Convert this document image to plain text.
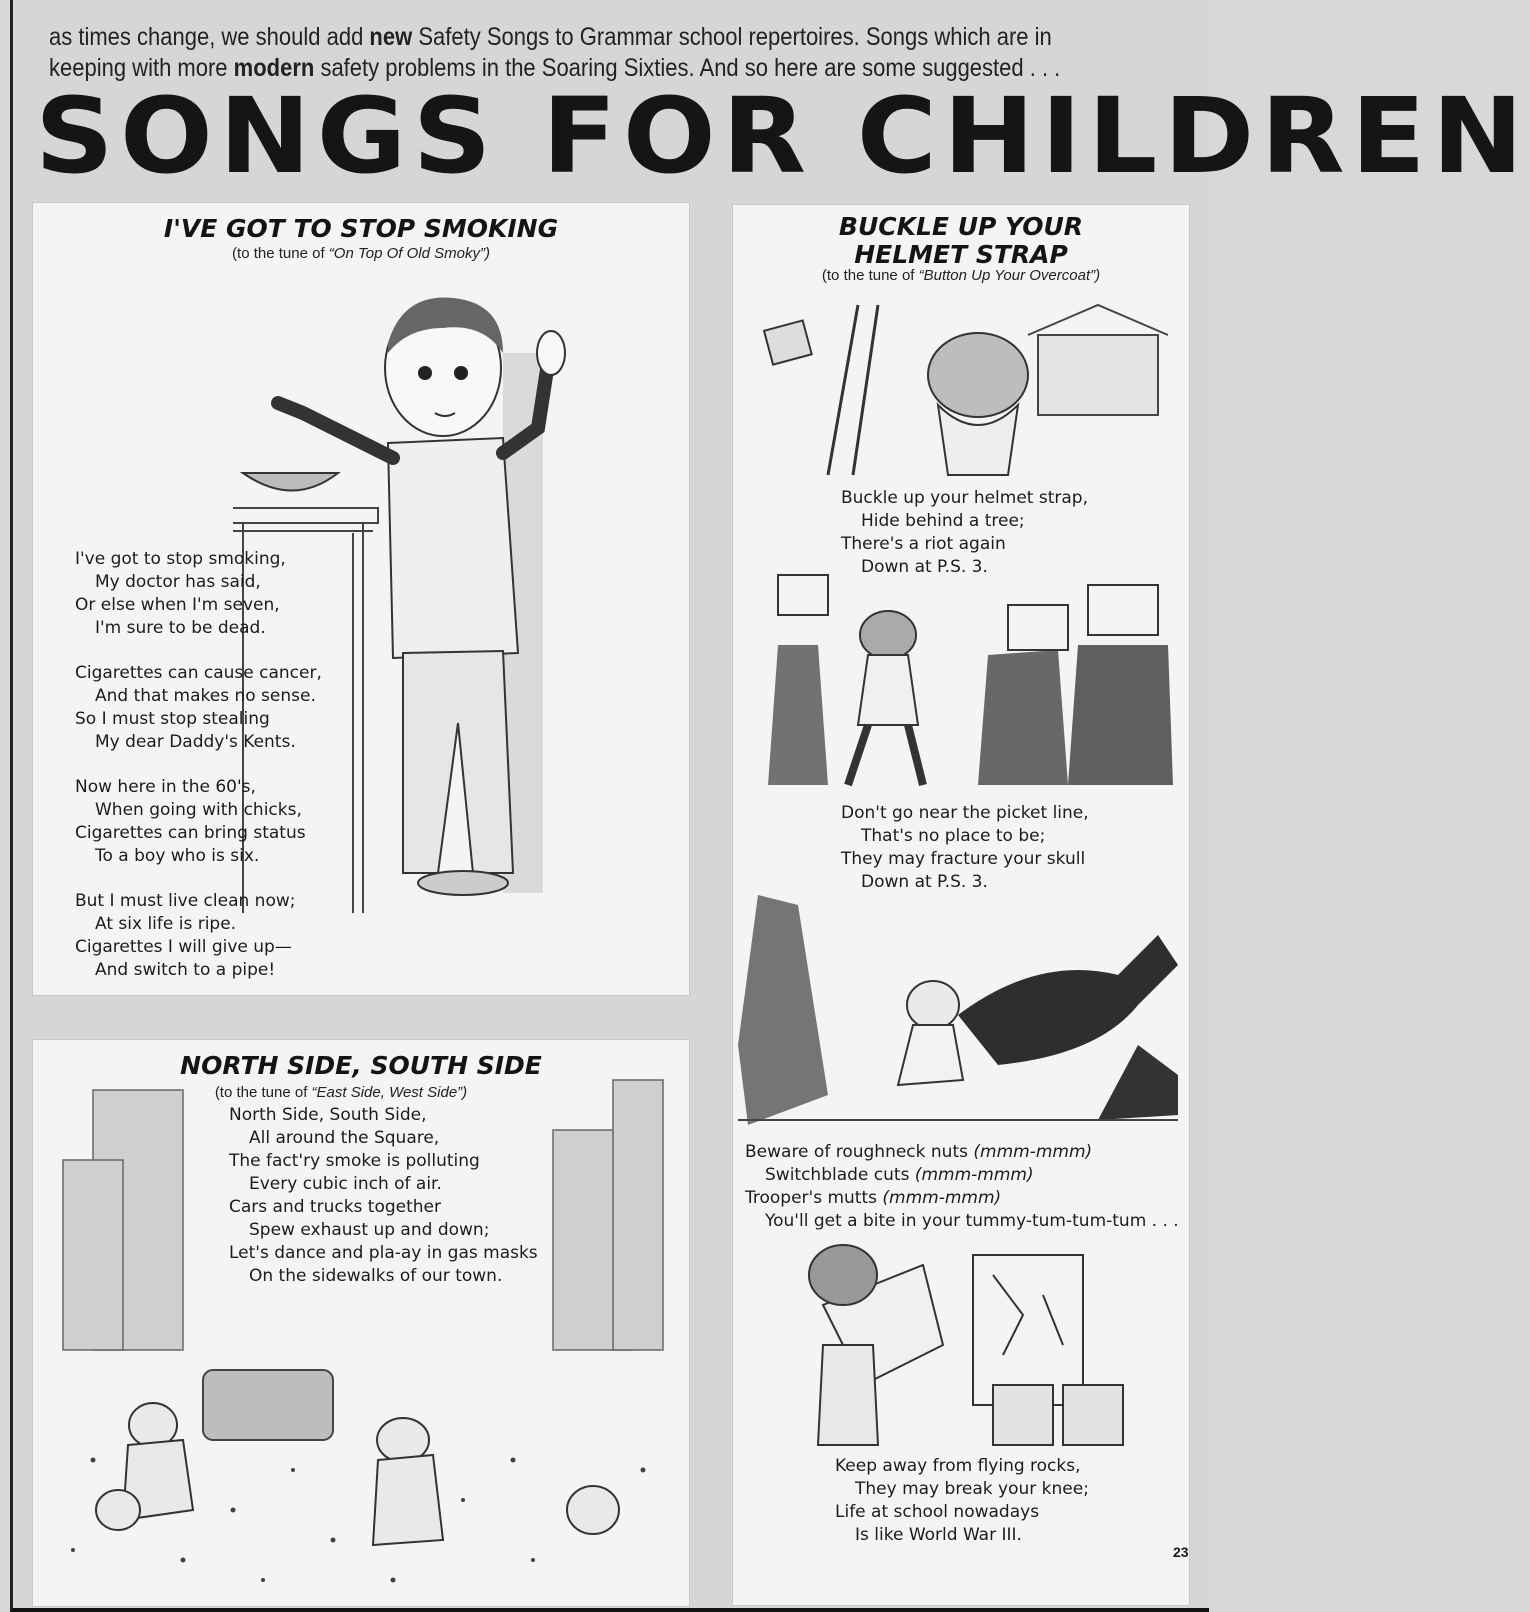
as times change, we should add new Safety Songs to Grammar school repertoires. Songs which are in
keeping with more modern safety problems in the Soaring Sixties. And so here are some suggested . . .
SONGS FOR CHILDREN
I'VE GOT TO STOP SMOKING
(to the tune of “On Top Of Old Smoky”)
I've got to stop smoking,
My doctor has said,
Or else when I'm seven,
I'm sure to be dead.
Cigarettes can cause cancer,
And that makes no sense.
So I must stop stealing
My dear Daddy's Kents.
Now here in the 60's,
When going with chicks,
Cigarettes can bring status
To a boy who is six.
But I must live clean now;
At six life is ripe.
Cigarettes I will give up—
And switch to a pipe!
BUCKLE UP YOUR
HELMET STRAP
(to the tune of “Button Up Your Overcoat”)
Buckle up your helmet strap,
Hide behind a tree;
There's a riot again
Down at P.S. 3.
Don't go near the picket line,
That's no place to be;
They may fracture your skull
Down at P.S. 3.
Beware of roughneck nuts (mmm-mmm)
Switchblade cuts (mmm-mmm)
Trooper's mutts (mmm-mmm)
You'll get a bite in your tummy-tum-tum-tum . . .
Keep away from flying rocks,
They may break your knee;
Life at school nowadays
Is like World War III.
NORTH SIDE, SOUTH SIDE
(to the tune of “East Side, West Side”)
North Side, South Side,
All around the Square,
The fact'ry smoke is polluting
Every cubic inch of air.
Cars and trucks together
Spew exhaust up and down;
Let's dance and pla-ay in gas masks
On the sidewalks of our town.
23
